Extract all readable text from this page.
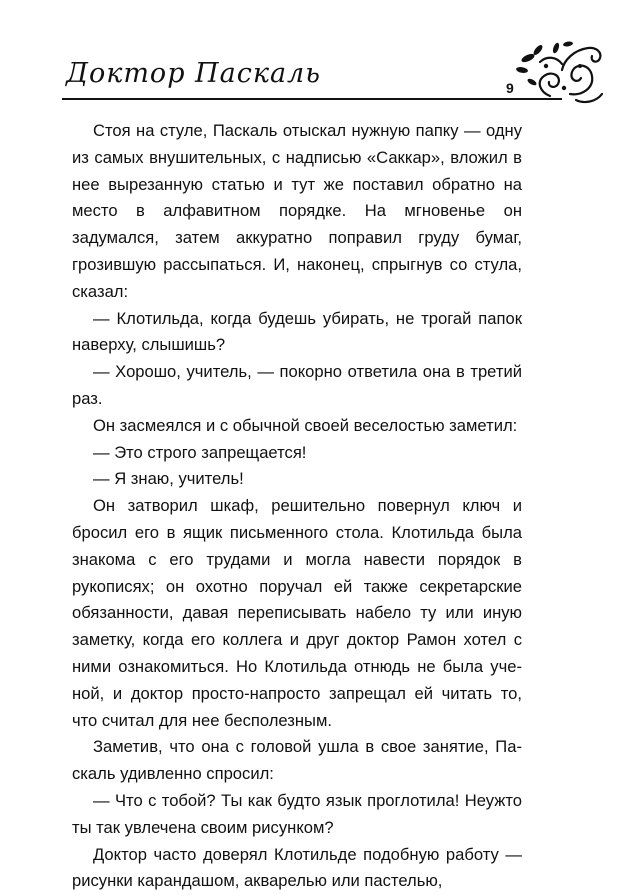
Доктор Паскаль	9

Стоя на стуле, Паскаль отыскал нужную папку — одну из самых внушительных, с надписью «Саккар», вложил в нее вырезанную статью и тут же поставил обратно на место в алфавитном порядке. На мгновенье он задумался, затем аккуратно поправил груду бумаг, грозившую рассыпаться. И, наконец, спрыгнув со стула, сказал:

— Клотильда, когда будешь убирать, не трогай папок наверху, слышишь?

— Хорошо, учитель, — покорно ответила она в третий раз.

Он засмеялся и с обычной своей веселостью заметил:

— Это строго запрещается!

— Я знаю, учитель!

Он затворил шкаф, решительно повернул ключ и бросил его в ящик письменного стола. Клотильда была знакома с его трудами и могла навести порядок в рукописях; он охотно поручал ей также секретарские обязанности, давая переписывать набело ту или иную заметку, когда его коллега и друг доктор Рамон хотел с ними ознакомиться. Но Клотильда отнюдь не была ученой, и доктор просто-напросто запрещал ей читать то, что считал для нее бесполезным.

Заметив, что она с головой ушла в свое занятие, Паскаль удивленно спросил:

— Что с тобой? Ты как будто язык проглотила! Неужто ты так увлечена своим рисунком?

Доктор часто доверял Клотильде подобную работу — рисунки карандашом, акварелью или пастелью,
